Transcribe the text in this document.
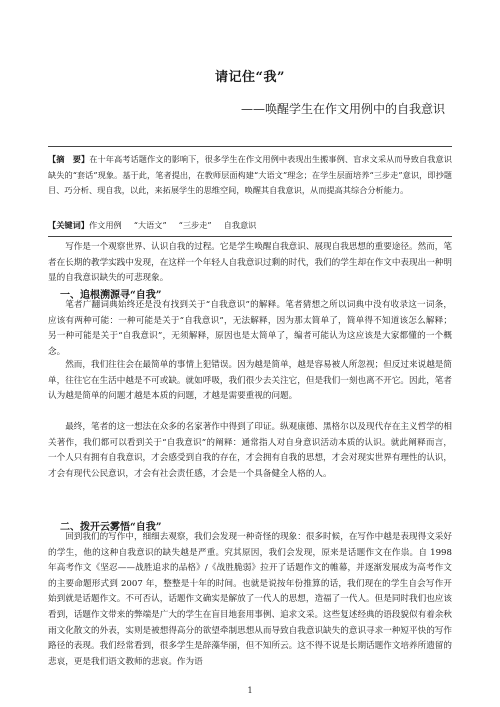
请记住“我”
——唤醒学生在作文用例中的自我意识

【摘　要】在十年高考话题作文的影响下，很多学生在作文用例中表现出生搬事例、盲求文采从而导致自我意识缺失的“套话”现象。基于此，笔者提出，在教师层面构建“大语文”理念；在学生层面培养“三步走”意识，即抄题目、巧分析、现自我，以此，来拓展学生的思维空间，唤醒其自我意识，从而提高其综合分析能力。

【关键词】作文用例 “大语文” “三步走” 自我意识

写作是一个观察世界、认识自我的过程。它是学生唤醒自我意识、展现自我思想的重要途径。然而，笔者在长期的教学实践中发现，在这样一个年轻人自我意识过剩的时代，我们的学生却在作文中表现出一种明显的自我意识缺失的可悲现象。

一、追根溯源寻“自我”

笔者广翻词典始终还是没有找到关于“自我意识”的解释。笔者猜想之所以词典中没有收录这一词条，应该有两种可能：一种可能是关于“自我意识”，无法解释，因为那太简单了，简单得不知道该怎么解释；另一种可能是关于“自我意识”，无须解释，原因也是太简单了，编者可能认为这应该是大家都懂的一个概念。

然而，我们往往会在最简单的事情上犯错误。因为越是简单，越是容易被人所忽视；但反过来说越是简单，往往它在生活中越是不可或缺。就如呼吸，我们很少去关注它，但是我们一刻也离不开它。因此，笔者认为越是简单的问题才越是本质的问题，才越是需要重视的问题。

最终，笔者的这一想法在众多的名家著作中得到了印证。纵观康德、黑格尔以及现代存在主义哲学的相关著作，我们都可以看到关于“自我意识”的阐释：通常指人对自身意识活动本质的认识。就此阐释而言，一个人只有拥有自我意识，才会感受到自我的存在，才会拥有自我的思想，才会对现实世界有理性的认识，才会有现代公民意识，才会有社会责任感，才会是一个具备健全人格的人。

二、拨开云雾悟“自我”

回到我们的写作中，细细去观察，我们会发现一种奇怪的现象：很多时候，在写作中越是表现得文采好的学生，他的这种自我意识的缺失越是严重。究其原因，我们会发现，原来是话题作文在作祟。自 1998 年高考作文《坚忍——战胜追求的品格》/《战胜脆弱》拉开了话题作文的帷幕，并逐渐发展成为高考作文的主要命题形式到 2007 年，整整是十年的时间。也就是说按年份推算的话，我们现在的学生自会写作开始到就是话题作文。不可否认，话题作文确实是解放了一代人的思想，造福了一代人。但是同时我们也应该看到，话题作文带来的弊端是广大的学生在盲目地套用事例、追求文采。这些复述经典的语段貌似有着余秋雨文化散文的外表，实则是被想得高分的欲望牵制思想从而导致自我意识缺失的意识寻求一种短平快的写作路径的表现。我们经常看到，很多学生是辞藻华丽，但不知所云。这不得不说是长期话题作文培养所遗留的悲哀，更是我们语文教师的悲哀。作为语

1
